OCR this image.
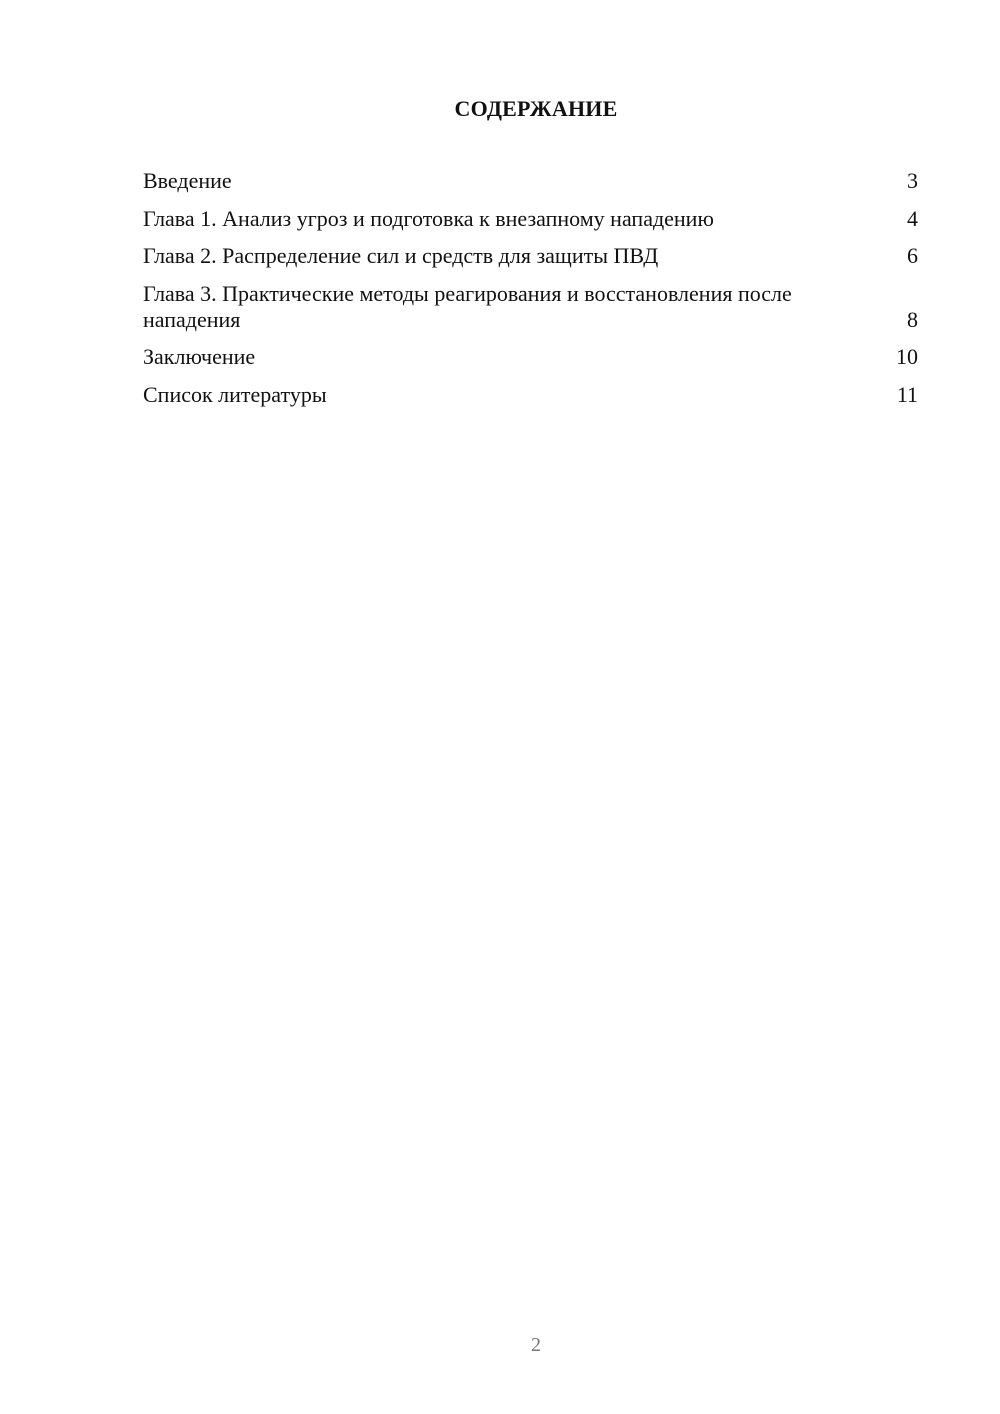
СОДЕРЖАНИЕ
Введение	3
Глава 1. Анализ угроз и подготовка к внезапному нападению	4
Глава 2. Распределение сил и средств для защиты ПВД	6
Глава 3. Практические методы реагирования и восстановления после нападения	8
Заключение	10
Список литературы	11
2
